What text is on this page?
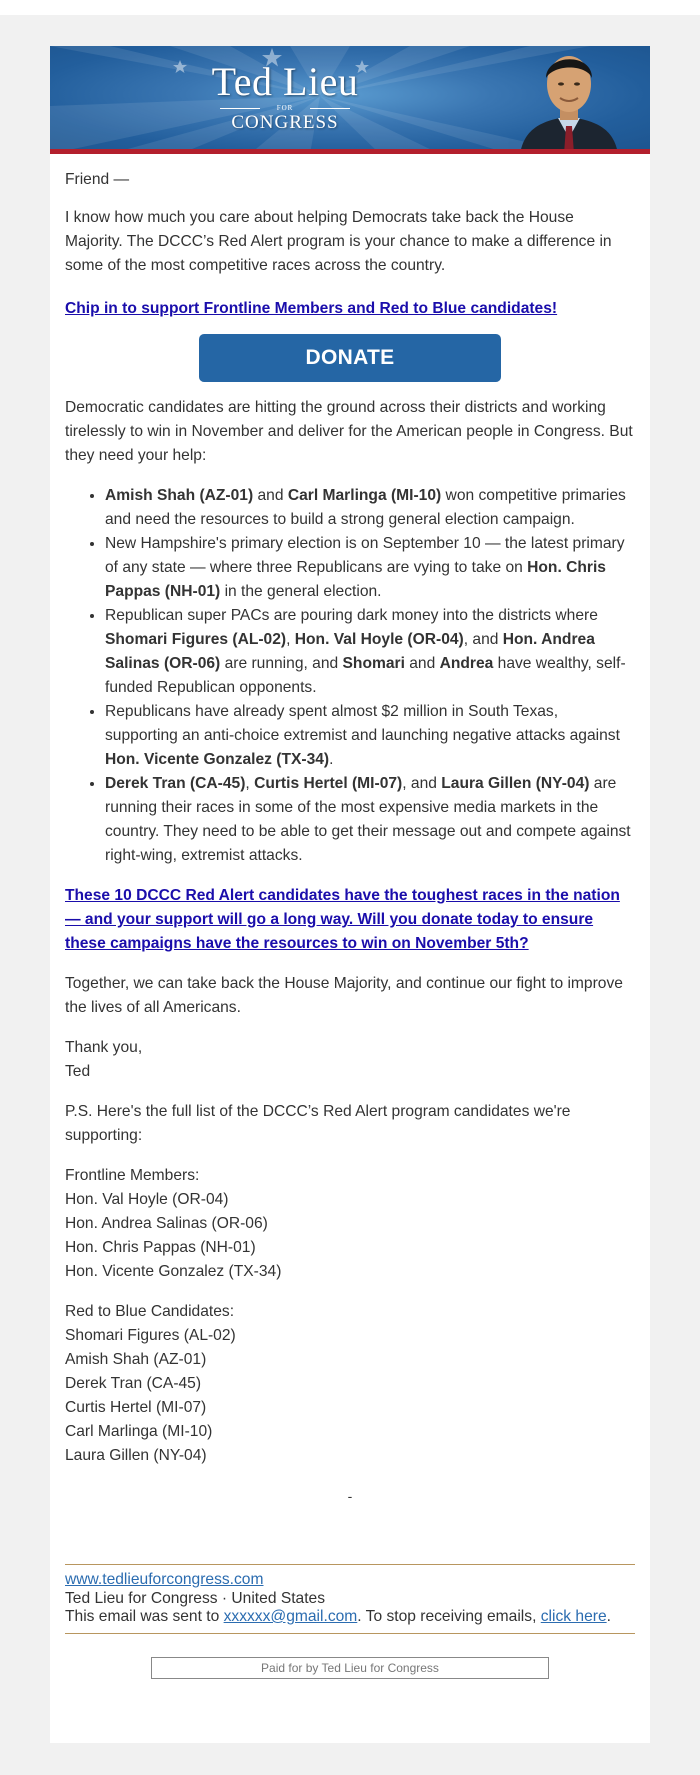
Ted Lieu
FOR
CONGRESS

Friend —

I know how much you care about helping Democrats take back the House Majority. The DCCC’s Red Alert program is your chance to make a difference in some of the most competitive races across the country.

Chip in to support Frontline Members and Red to Blue candidates!

DONATE

Democratic candidates are hitting the ground across their districts and working tirelessly to win in November and deliver for the American people in Congress. But they need your help:

• Amish Shah (AZ-01) and Carl Marlinga (MI-10) won competitive primaries and need the resources to build a strong general election campaign.
• New Hampshire's primary election is on September 10 — the latest primary of any state — where three Republicans are vying to take on Hon. Chris Pappas (NH-01) in the general election.
• Republican super PACs are pouring dark money into the districts where Shomari Figures (AL-02), Hon. Val Hoyle (OR-04), and Hon. Andrea Salinas (OR-06) are running, and Shomari and Andrea have wealthy, self-funded Republican opponents.
• Republicans have already spent almost $2 million in South Texas, supporting an anti-choice extremist and launching negative attacks against Hon. Vicente Gonzalez (TX-34).
• Derek Tran (CA-45), Curtis Hertel (MI-07), and Laura Gillen (NY-04) are running their races in some of the most expensive media markets in the country. They need to be able to get their message out and compete against right-wing, extremist attacks.

These 10 DCCC Red Alert candidates have the toughest races in the nation — and your support will go a long way. Will you donate today to ensure these campaigns have the resources to win on November 5th?

Together, we can take back the House Majority, and continue our fight to improve the lives of all Americans.

Thank you,
Ted

P.S. Here's the full list of the DCCC’s Red Alert program candidates we're supporting:

Frontline Members:
Hon. Val Hoyle (OR-04)
Hon. Andrea Salinas (OR-06)
Hon. Chris Pappas (NH-01)
Hon. Vicente Gonzalez (TX-34)

Red to Blue Candidates:
Shomari Figures (AL-02)
Amish Shah (AZ-01)
Derek Tran (CA-45)
Curtis Hertel (MI-07)
Carl Marlinga (MI-10)
Laura Gillen (NY-04)

-
www.tedlieuforcongress.com
Ted Lieu for Congress · United States
This email was sent to xxxxxx@gmail.com. To stop receiving emails, click here.
Paid for by Ted Lieu for Congress
